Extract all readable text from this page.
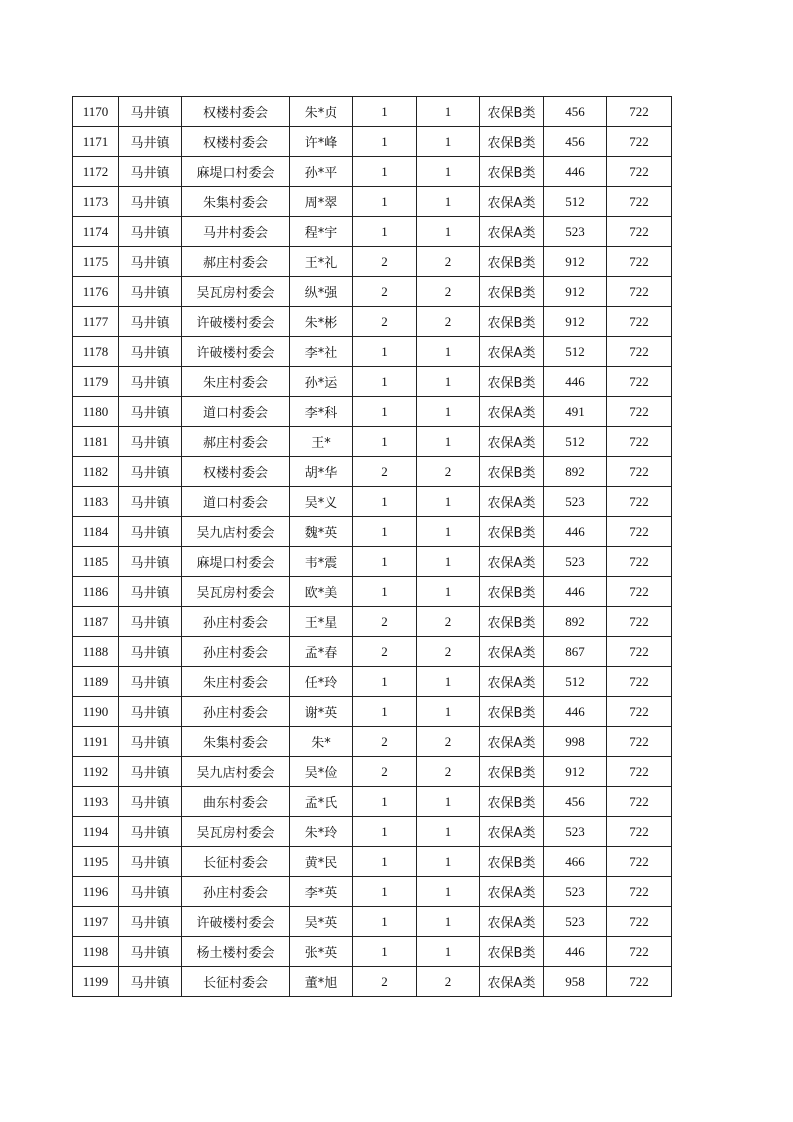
1170	马井镇	权楼村委会	朱*贞	1	1	农保B类	456	722
1171	马井镇	权楼村委会	许*峰	1	1	农保B类	456	722
1172	马井镇	麻堤口村委会	孙*平	1	1	农保B类	446	722
1173	马井镇	朱集村委会	周*翠	1	1	农保A类	512	722
1174	马井镇	马井村委会	程*宇	1	1	农保A类	523	722
1175	马井镇	郝庄村委会	王*礼	2	2	农保B类	912	722
1176	马井镇	吴瓦房村委会	纵*强	2	2	农保B类	912	722
1177	马井镇	许破楼村委会	朱*彬	2	2	农保B类	912	722
1178	马井镇	许破楼村委会	李*社	1	1	农保A类	512	722
1179	马井镇	朱庄村委会	孙*运	1	1	农保B类	446	722
1180	马井镇	道口村委会	李*科	1	1	农保A类	491	722
1181	马井镇	郝庄村委会	王*	1	1	农保A类	512	722
1182	马井镇	权楼村委会	胡*华	2	2	农保B类	892	722
1183	马井镇	道口村委会	吴*义	1	1	农保A类	523	722
1184	马井镇	吴九店村委会	魏*英	1	1	农保B类	446	722
1185	马井镇	麻堤口村委会	韦*震	1	1	农保A类	523	722
1186	马井镇	吴瓦房村委会	欧*美	1	1	农保B类	446	722
1187	马井镇	孙庄村委会	王*星	2	2	农保B类	892	722
1188	马井镇	孙庄村委会	孟*春	2	2	农保A类	867	722
1189	马井镇	朱庄村委会	任*玲	1	1	农保A类	512	722
1190	马井镇	孙庄村委会	谢*英	1	1	农保B类	446	722
1191	马井镇	朱集村委会	朱*	2	2	农保A类	998	722
1192	马井镇	吴九店村委会	吴*俭	2	2	农保B类	912	722
1193	马井镇	曲东村委会	孟*氏	1	1	农保B类	456	722
1194	马井镇	吴瓦房村委会	朱*玲	1	1	农保A类	523	722
1195	马井镇	长征村委会	黄*民	1	1	农保B类	466	722
1196	马井镇	孙庄村委会	李*英	1	1	农保A类	523	722
1197	马井镇	许破楼村委会	吴*英	1	1	农保A类	523	722
1198	马井镇	杨土楼村委会	张*英	1	1	农保B类	446	722
1199	马井镇	长征村委会	董*旭	2	2	农保A类	958	722
